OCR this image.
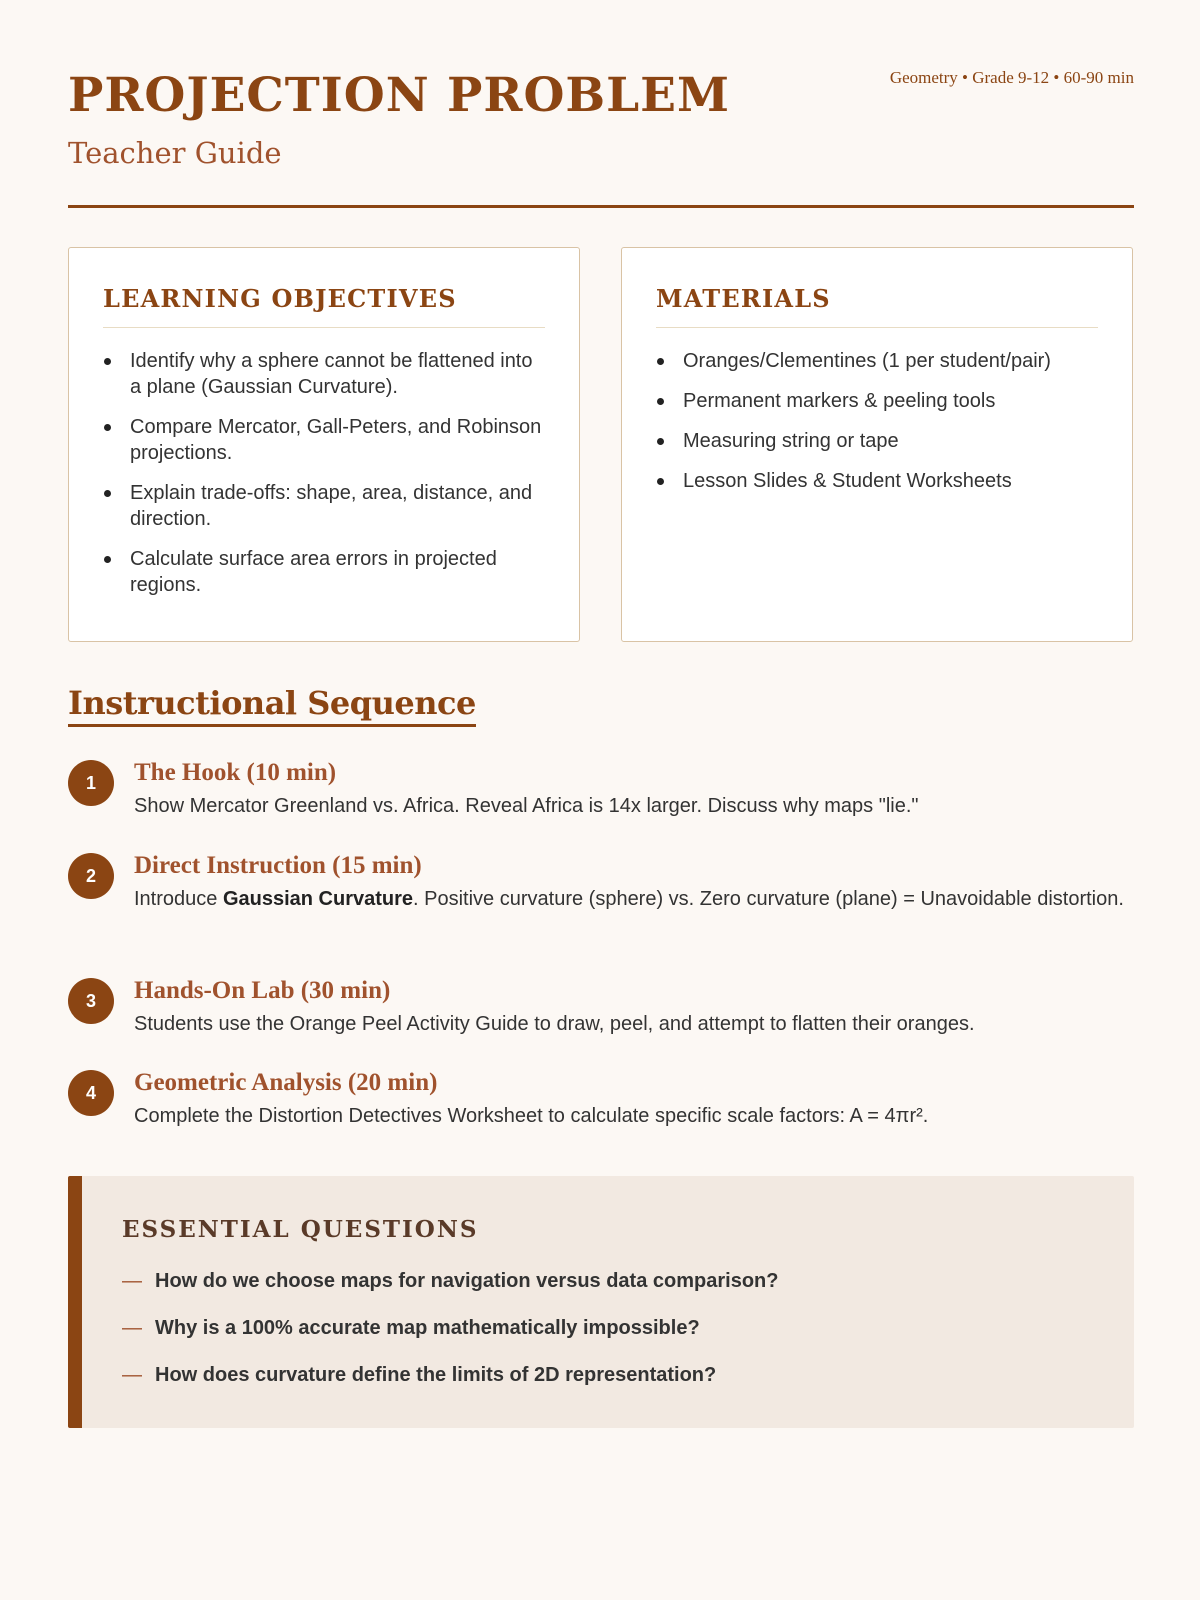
PROJECTION PROBLEM
Teacher Guide
Geometry • Grade 9-12 • 60-90 min
LEARNING OBJECTIVES
Identify why a sphere cannot be flattened into a plane (Gaussian Curvature).
Compare Mercator, Gall-Peters, and Robinson projections.
Explain trade-offs: shape, area, distance, and direction.
Calculate surface area errors in projected regions.
MATERIALS
Oranges/Clementines (1 per student/pair)
Permanent markers & peeling tools
Measuring string or tape
Lesson Slides & Student Worksheets
Instructional Sequence
1	The Hook (10 min)
Show Mercator Greenland vs. Africa. Reveal Africa is 14x larger. Discuss why maps "lie."
2	Direct Instruction (15 min)
Introduce Gaussian Curvature. Positive curvature (sphere) vs. Zero curvature (plane) = Unavoidable distortion.
3	Hands-On Lab (30 min)
Students use the Orange Peel Activity Guide to draw, peel, and attempt to flatten their oranges.
4	Geometric Analysis (20 min)
Complete the Distortion Detectives Worksheet to calculate specific scale factors: A = 4πr².
ESSENTIAL QUESTIONS
— How do we choose maps for navigation versus data comparison?
— Why is a 100% accurate map mathematically impossible?
— How does curvature define the limits of 2D representation?
